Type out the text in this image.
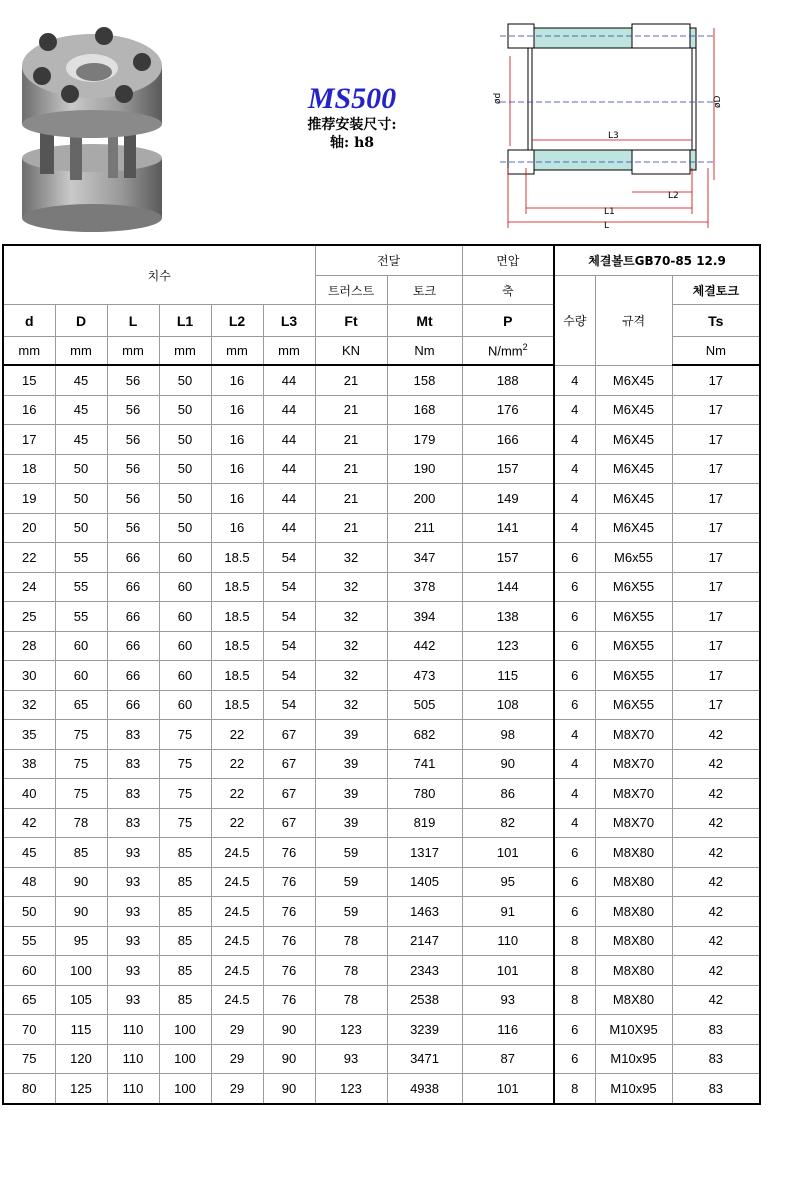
MS500
推荐安装尺寸:
轴: h8
ød	øD
L3
L2
L1
L
치수						전달		면압	체결볼트GB70-85 12.9		
						트러스트	토크	축	수량	규격	체결토크
d	D	L	L1	L2	L3	Ft	Mt	P			Ts
mm	mm	mm	mm	mm	mm	KN	Nm	$N/mm^2$			Nm
15	45	56	50	16	44	21	158	188	4	M6X45	17
16	45	56	50	16	44	21	168	176	4	M6X45	17
17	45	56	50	16	44	21	179	166	4	M6X45	17
18	50	56	50	16	44	21	190	157	4	M6X45	17
19	50	56	50	16	44	21	200	149	4	M6X45	17
20	50	56	50	16	44	21	211	141	4	M6X45	17
22	55	66	60	18.5	54	32	347	157	6	M6x55	17
24	55	66	60	18.5	54	32	378	144	6	M6X55	17
25	55	66	60	18.5	54	32	394	138	6	M6X55	17
28	60	66	60	18.5	54	32	442	123	6	M6X55	17
30	60	66	60	18.5	54	32	473	115	6	M6X55	17
32	65	66	60	18.5	54	32	505	108	6	M6X55	17
35	75	83	75	22	67	39	682	98	4	M8X70	42
38	75	83	75	22	67	39	741	90	4	M8X70	42
40	75	83	75	22	67	39	780	86	4	M8X70	42
42	78	83	75	22	67	39	819	82	4	M8X70	42
45	85	93	85	24.5	76	59	1317	101	6	M8X80	42
48	90	93	85	24.5	76	59	1405	95	6	M8X80	42
50	90	93	85	24.5	76	59	1463	91	6	M8X80	42
55	95	93	85	24.5	76	78	2147	110	8	M8X80	42
60	100	93	85	24.5	76	78	2343	101	8	M8X80	42
65	105	93	85	24.5	76	78	2538	93	8	M8X80	42
70	115	110	100	29	90	123	3239	116	6	M10X95	83
75	120	110	100	29	90	93	3471	87	6	M10x95	83
80	125	110	100	29	90	123	4938	101	8	M10x95	83
